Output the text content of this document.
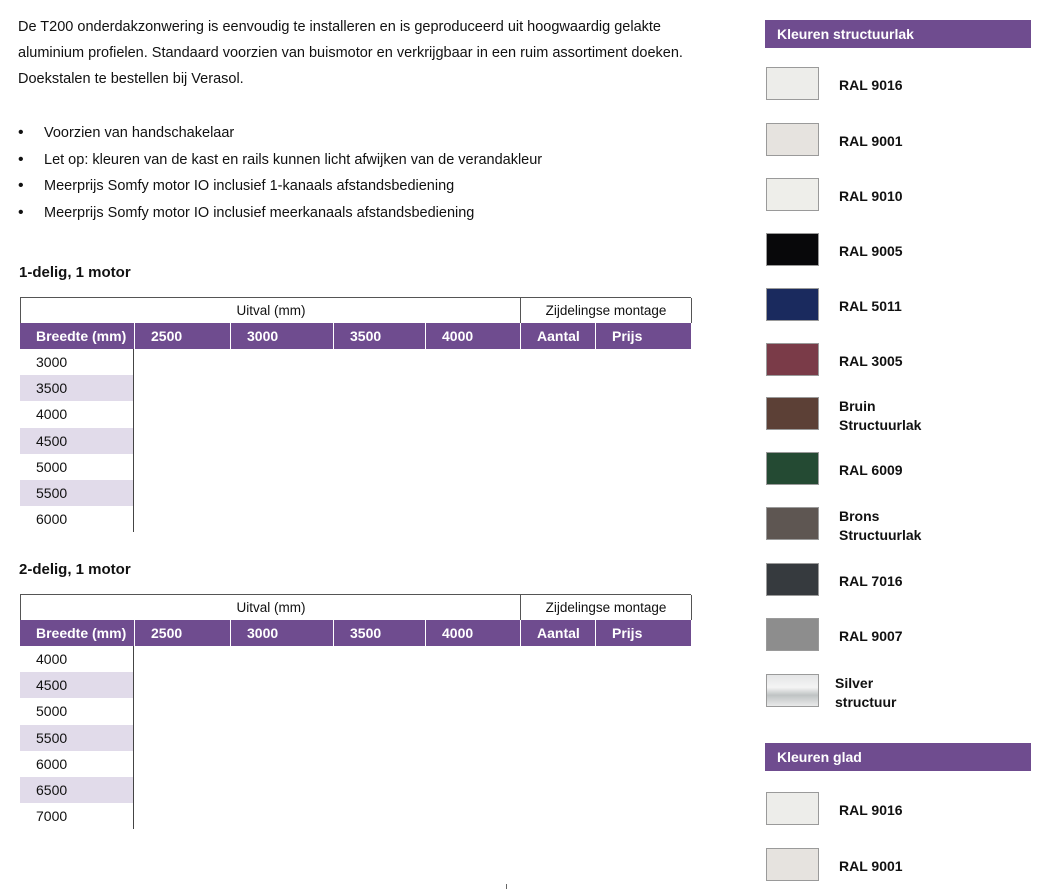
De T200 onderdakzonwering is eenvoudig te installeren en is geproduceerd uit hoogwaardig gelakte
aluminium profielen. Standaard voorzien van buismotor en verkrijgbaar in een ruim assortiment doeken.
Doekstalen te bestellen bij Verasol.
• Voorzien van handschakelaar
• Let op: kleuren van de kast en rails kunnen licht afwijken van de verandakleur
• Meerprijs Somfy motor IO inclusief 1-kanaals afstandsbediening
• Meerprijs Somfy motor IO inclusief meerkanaals afstandsbediening
1-delig, 1 motor
Uitval (mm)	Zijdelingse montage
Breedte (mm)	2500	3000	3500	4000	Aantal	Prijs
3000
3500
4000
4500
5000
5500
6000
2-delig, 1 motor
Uitval (mm)	Zijdelingse montage
Breedte (mm)	2500	3000	3500	4000	Aantal	Prijs
4000
4500
5000
5500
6000
6500
7000
Kleuren structuurlak
RAL 9016
RAL 9001
RAL 9010
RAL 9005
RAL 5011
RAL 3005
Bruin
Structuurlak
RAL 6009
Brons
Structuurlak
RAL 7016
RAL 9007
Silver
structuur
Kleuren glad
RAL 9016
RAL 9001
